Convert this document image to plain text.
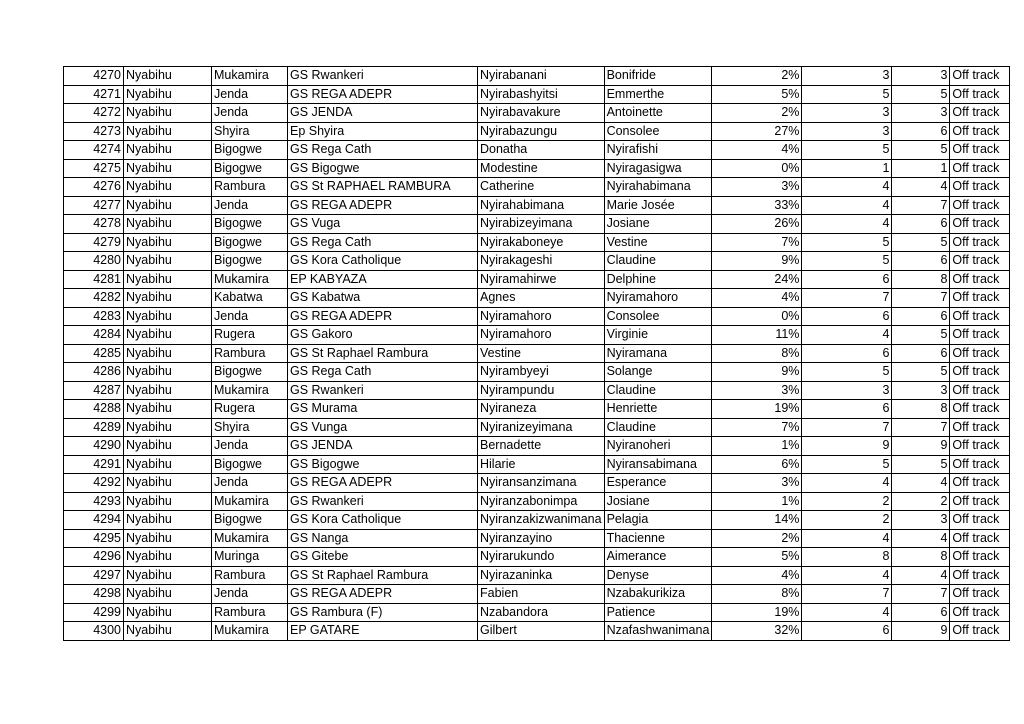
4270	Nyabihu	Mukamira	GS Rwankeri	Nyirabanani	Bonifride	2%	3	3	Off track
4271	Nyabihu	Jenda	GS REGA ADEPR	Nyirabashyitsi	Emmerthe	5%	5	5	Off track
4272	Nyabihu	Jenda	GS JENDA	Nyirabavakure	Antoinette	2%	3	3	Off track
4273	Nyabihu	Shyira	Ep Shyira	Nyirabazungu	Consolee	27%	3	6	Off track
4274	Nyabihu	Bigogwe	GS Rega Cath	Donatha	Nyirafishi	4%	5	5	Off track
4275	Nyabihu	Bigogwe	GS Bigogwe	Modestine	Nyiragasigwa	0%	1	1	Off track
4276	Nyabihu	Rambura	GS St RAPHAEL RAMBURA	Catherine	Nyirahabimana	3%	4	4	Off track
4277	Nyabihu	Jenda	GS REGA ADEPR	Nyirahabimana	Marie Josée	33%	4	7	Off track
4278	Nyabihu	Bigogwe	GS Vuga	Nyirabizeyimana	Josiane	26%	4	6	Off track
4279	Nyabihu	Bigogwe	GS Rega Cath	Nyirakaboneye	Vestine	7%	5	5	Off track
4280	Nyabihu	Bigogwe	GS Kora Catholique	Nyirakageshi	Claudine	9%	5	6	Off track
4281	Nyabihu	Mukamira	EP KABYAZA	Nyiramahirwe	Delphine	24%	6	8	Off track
4282	Nyabihu	Kabatwa	GS Kabatwa	Agnes	Nyiramahoro	4%	7	7	Off track
4283	Nyabihu	Jenda	GS REGA ADEPR	Nyiramahoro	Consolee	0%	6	6	Off track
4284	Nyabihu	Rugera	GS Gakoro	Nyiramahoro	Virginie	11%	4	5	Off track
4285	Nyabihu	Rambura	GS St Raphael Rambura	Vestine	Nyiramana	8%	6	6	Off track
4286	Nyabihu	Bigogwe	GS Rega Cath	Nyirambyeyi	Solange	9%	5	5	Off track
4287	Nyabihu	Mukamira	GS Rwankeri	Nyirampundu	Claudine	3%	3	3	Off track
4288	Nyabihu	Rugera	GS Murama	Nyiraneza	Henriette	19%	6	8	Off track
4289	Nyabihu	Shyira	GS Vunga	Nyiranizeyimana	Claudine	7%	7	7	Off track
4290	Nyabihu	Jenda	GS JENDA	Bernadette	Nyiranoheri	1%	9	9	Off track
4291	Nyabihu	Bigogwe	GS Bigogwe	Hilarie	Nyiransabimana	6%	5	5	Off track
4292	Nyabihu	Jenda	GS REGA ADEPR	Nyiransanzimana	Esperance	3%	4	4	Off track
4293	Nyabihu	Mukamira	GS Rwankeri	Nyiranzabonimpa	Josiane	1%	2	2	Off track
4294	Nyabihu	Bigogwe	GS Kora Catholique	Nyiranzakizwanimana	Pelagia	14%	2	3	Off track
4295	Nyabihu	Mukamira	GS Nanga	Nyiranzayino	Thacienne	2%	4	4	Off track
4296	Nyabihu	Muringa	GS Gitebe	Nyirarukundo	Aimerance	5%	8	8	Off track
4297	Nyabihu	Rambura	GS St Raphael Rambura	Nyirazaninka	Denyse	4%	4	4	Off track
4298	Nyabihu	Jenda	GS REGA ADEPR	Fabien	Nzabakurikiza	8%	7	7	Off track
4299	Nyabihu	Rambura	GS Rambura (F)	Nzabandora	Patience	19%	4	6	Off track
4300	Nyabihu	Mukamira	EP GATARE	Gilbert	Nzafashwanimana	32%	6	9	Off track
